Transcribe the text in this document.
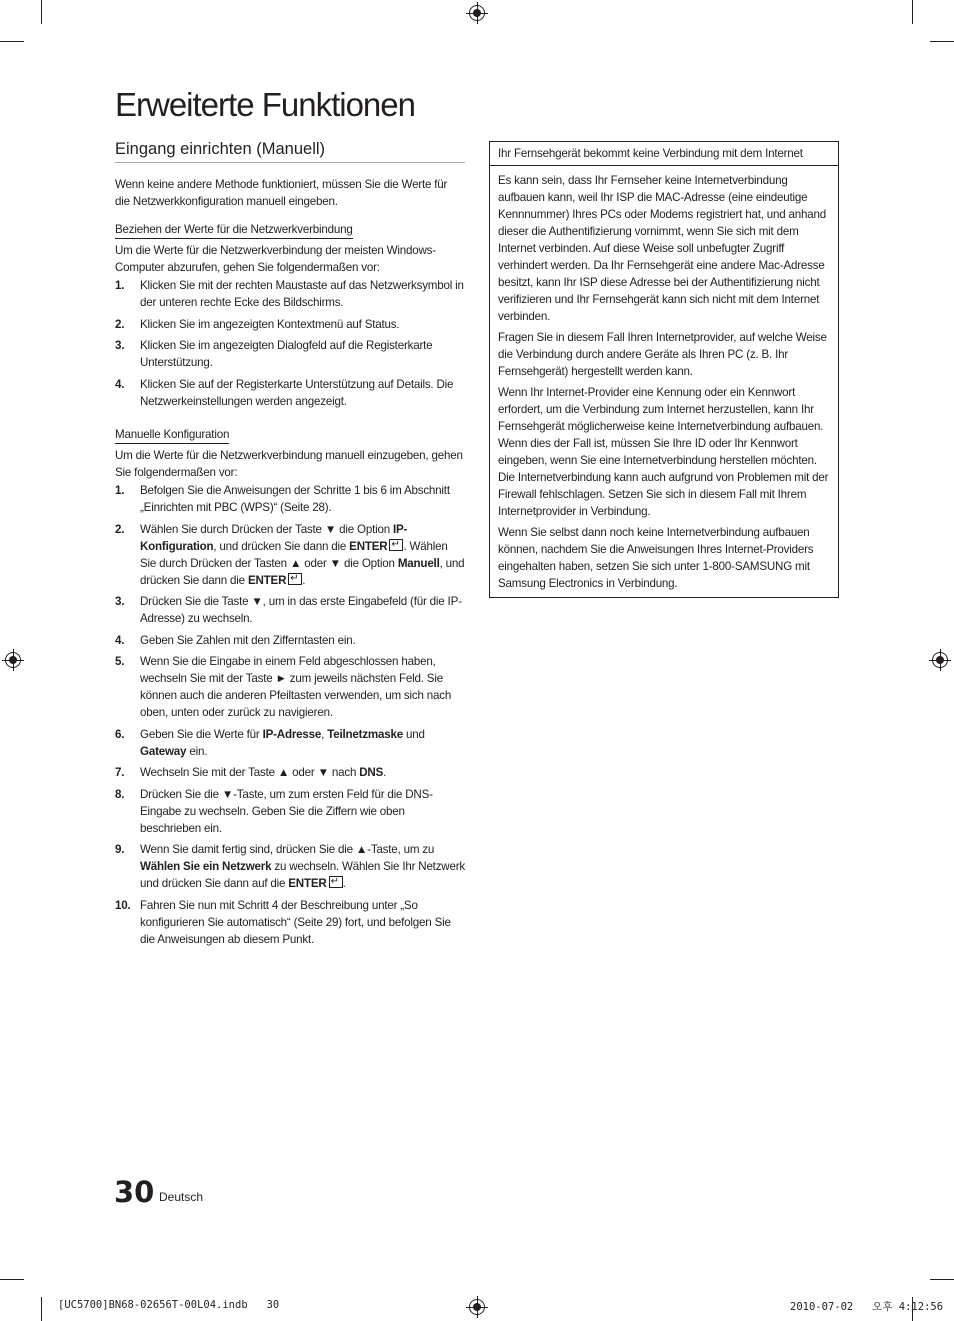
Erweiterte Funktionen
Eingang einrichten (Manuell)

Wenn keine andere Methode funktioniert, müssen Sie die Werte für die Netzwerkkonfiguration manuell eingeben.

Beziehen der Werte für die Netzwerkverbindung

Um die Werte für die Netzwerkverbindung der meisten Windows-Computer abzurufen, gehen Sie folgendermaßen vor:

1. Klicken Sie mit der rechten Maustaste auf das Netzwerksymbol in der unteren rechte Ecke des Bildschirms.
2. Klicken Sie im angezeigten Kontextmenü auf Status.
3. Klicken Sie im angezeigten Dialogfeld auf die Registerkarte Unterstützung.
4. Klicken Sie auf der Registerkarte Unterstützung auf Details. Die Netzwerkeinstellungen werden angezeigt.
Manuelle Konfiguration

Um die Werte für die Netzwerkverbindung manuell einzugeben, gehen Sie folgendermaßen vor:

1. Befolgen Sie die Anweisungen der Schritte 1 bis 6 im Abschnitt „Einrichten mit PBC (WPS)“ (Seite 28).
2. Wählen Sie durch Drücken der Taste ▼ die Option IP-Konfiguration, und drücken Sie dann die ENTER ↵ . Wählen Sie durch Drücken der Tasten ▲ oder ▼ die Option Manuell, und drücken Sie dann die ENTER ↵ .
3. Drücken Sie die Taste ▼, um in das erste Eingabefeld (für die IP-Adresse) zu wechseln.
4. Geben Sie Zahlen mit den Zifferntasten ein.
5. Wenn Sie die Eingabe in einem Feld abgeschlossen haben, wechseln Sie mit der Taste ► zum jeweils nächsten Feld. Sie können auch die anderen Pfeiltasten verwenden, um sich nach oben, unten oder zurück zu navigieren.
6. Geben Sie die Werte für IP-Adresse, Teilnetzmaske und Gateway ein.
7. Wechseln Sie mit der Taste ▲ oder ▼ nach DNS.
8. Drücken Sie die ▼-Taste, um zum ersten Feld für die DNS-Eingabe zu wechseln. Geben Sie die Ziffern wie oben beschrieben ein.
9. Wenn Sie damit fertig sind, drücken Sie die ▲-Taste, um zu Wählen Sie ein Netzwerk zu wechseln. Wählen Sie Ihr Netzwerk und drücken Sie dann auf die ENTER ↵ .
10. Fahren Sie nun mit Schritt 4 der Beschreibung unter „So konfigurieren Sie automatisch“ (Seite 29) fort, und befolgen Sie die Anweisungen ab diesem Punkt.
Ihr Fernsehgerät bekommt keine Verbindung mit dem Internet

Es kann sein, dass Ihr Fernseher keine Internetverbindung aufbauen kann, weil Ihr ISP die MAC-Adresse (eine eindeutige Kennnummer) Ihres PCs oder Modems registriert hat, und anhand dieser die Authentifizierung vornimmt, wenn Sie sich mit dem Internet verbinden. Auf diese Weise soll unbefugter Zugriff verhindert werden. Da Ihr Fernsehgerät eine andere Mac-Adresse besitzt, kann Ihr ISP diese Adresse bei der Authentifizierung nicht verifizieren und Ihr Fernsehgerät kann sich nicht mit dem Internet verbinden.

Fragen Sie in diesem Fall Ihren Internetprovider, auf welche Weise die Verbindung durch andere Geräte als Ihren PC (z. B. Ihr Fernsehgerät) hergestellt werden kann.

Wenn Ihr Internet-Provider eine Kennung oder ein Kennwort erfordert, um die Verbindung zum Internet herzustellen, kann Ihr Fernsehgerät möglicherweise keine Internetverbindung aufbauen. Wenn dies der Fall ist, müssen Sie Ihre ID oder Ihr Kennwort eingeben, wenn Sie eine Internetverbindung herstellen möchten. Die Internetverbindung kann auch aufgrund von Problemen mit der Firewall fehlschlagen. Setzen Sie sich in diesem Fall mit Ihrem Internetprovider in Verbindung.

Wenn Sie selbst dann noch keine Internetverbindung aufbauen können, nachdem Sie die Anweisungen Ihres Internet-Providers eingehalten haben, setzen Sie sich unter 1-800-SAMSUNG mit Samsung Electronics in Verbindung.

30 Deutsch
[UC5700]BN68-02656T-00L04.indb   30	2010-07-02   오후 4:12:56
